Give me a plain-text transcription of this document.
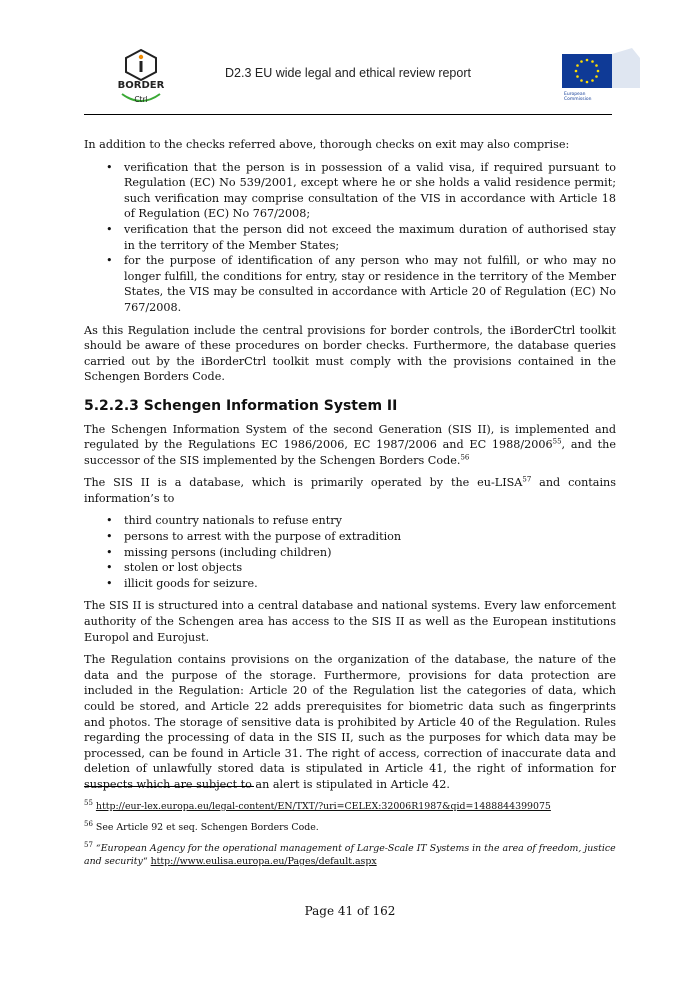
BORDER
Ctrl
D2.3 EU wide legal and ethical review report
European
Commission

In addition to the checks referred above, thorough checks on exit may also comprise:

• verification that the person is in possession of a valid visa, if required pursuant to Regulation (EC) No 539/2001, except where he or she holds a valid residence permit; such verification may comprise consultation of the VIS in accordance with Article 18 of Regulation (EC) No 767/2008;
• verification that the person did not exceed the maximum duration of authorised stay in the territory of the Member States;
• for the purpose of identification of any person who may not fulfill, or who may no longer fulfill, the conditions for entry, stay or residence in the territory of the Member States, the VIS may be consulted in accordance with Article 20 of Regulation (EC) No 767/2008.

As this Regulation include the central provisions for border controls, the iBorderCtrl toolkit should be aware of these procedures on border checks. Furthermore, the database queries carried out by the iBorderCtrl toolkit must comply with the provisions contained in the Schengen Borders Code.

5.2.2.3 Schengen Information System II

The Schengen Information System of the second Generation (SIS II), is implemented and regulated by the Regulations EC 1986/2006, EC 1987/2006 and EC 1988/2006$^{55}$, and the successor of the SIS implemented by the Schengen Borders Code.$^{56}$

The SIS II is a database, which is primarily operated by the eu-LISA$^{57}$ and contains information’s to

• third country nationals to refuse entry
• persons to arrest with the purpose of extradition
• missing persons (including children)
• stolen or lost objects
• illicit goods for seizure.

The SIS II is structured into a central database and national systems. Every law enforcement authority of the Schengen area has access to the SIS II as well as the European institutions Europol and Eurojust.

The Regulation contains provisions on the organization of the database, the nature of the data and the purpose of the storage. Furthermore, provisions for data protection are included in the Regulation: Article 20 of the Regulation list the categories of data, which could be stored, and Article 22 adds prerequisites for biometric data such as fingerprints and photos. The storage of sensitive data is prohibited by Article 40 of the Regulation. Rules regarding the processing of data in the SIS II, such as the purposes for which data may be processed, can be found in Article 31. The right of access, correction of inaccurate data and deletion of unlawfully stored data is stipulated in Article 41, the right of information for suspects which are subject to an alert is stipulated in Article 42.

$^{55}$ http://eur-lex.europa.eu/legal-content/EN/TXT/?uri=CELEX:32006R1987&qid=1488844399075
$^{56}$ See Article 92 et seq. Schengen Borders Code.
$^{57}$ “European Agency for the operational management of Large-Scale IT Systems in the area of freedom, justice and security“ http://www.eulisa.europa.eu/Pages/default.aspx
Page 41 of 162
